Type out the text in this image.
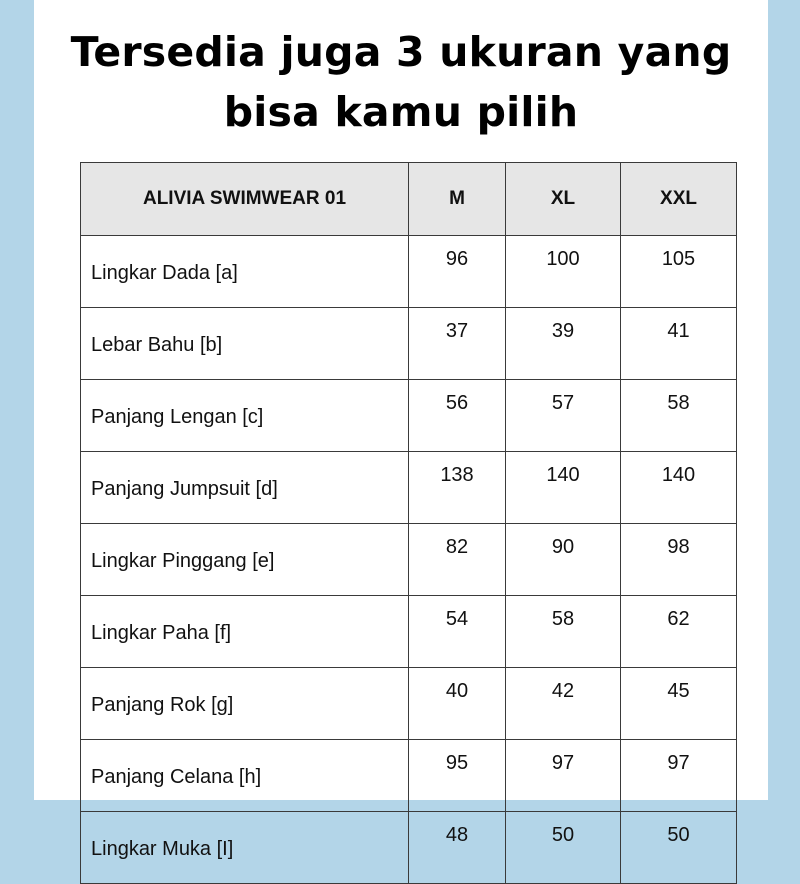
Tersedia juga 3 ukuran yang
bisa kamu pilih
ALIVIA SWIMWEAR 01	M	XL	XXL
Lingkar Dada [a]	96	100	105
Lebar Bahu [b]	37	39	41
Panjang Lengan [c]	56	57	58
Panjang Jumpsuit [d]	138	140	140
Lingkar Pinggang [e]	82	90	98
Lingkar Paha [f]	54	58	62
Panjang Rok [g]	40	42	45
Panjang Celana [h]	95	97	97
Lingkar Muka [I]	48	50	50
